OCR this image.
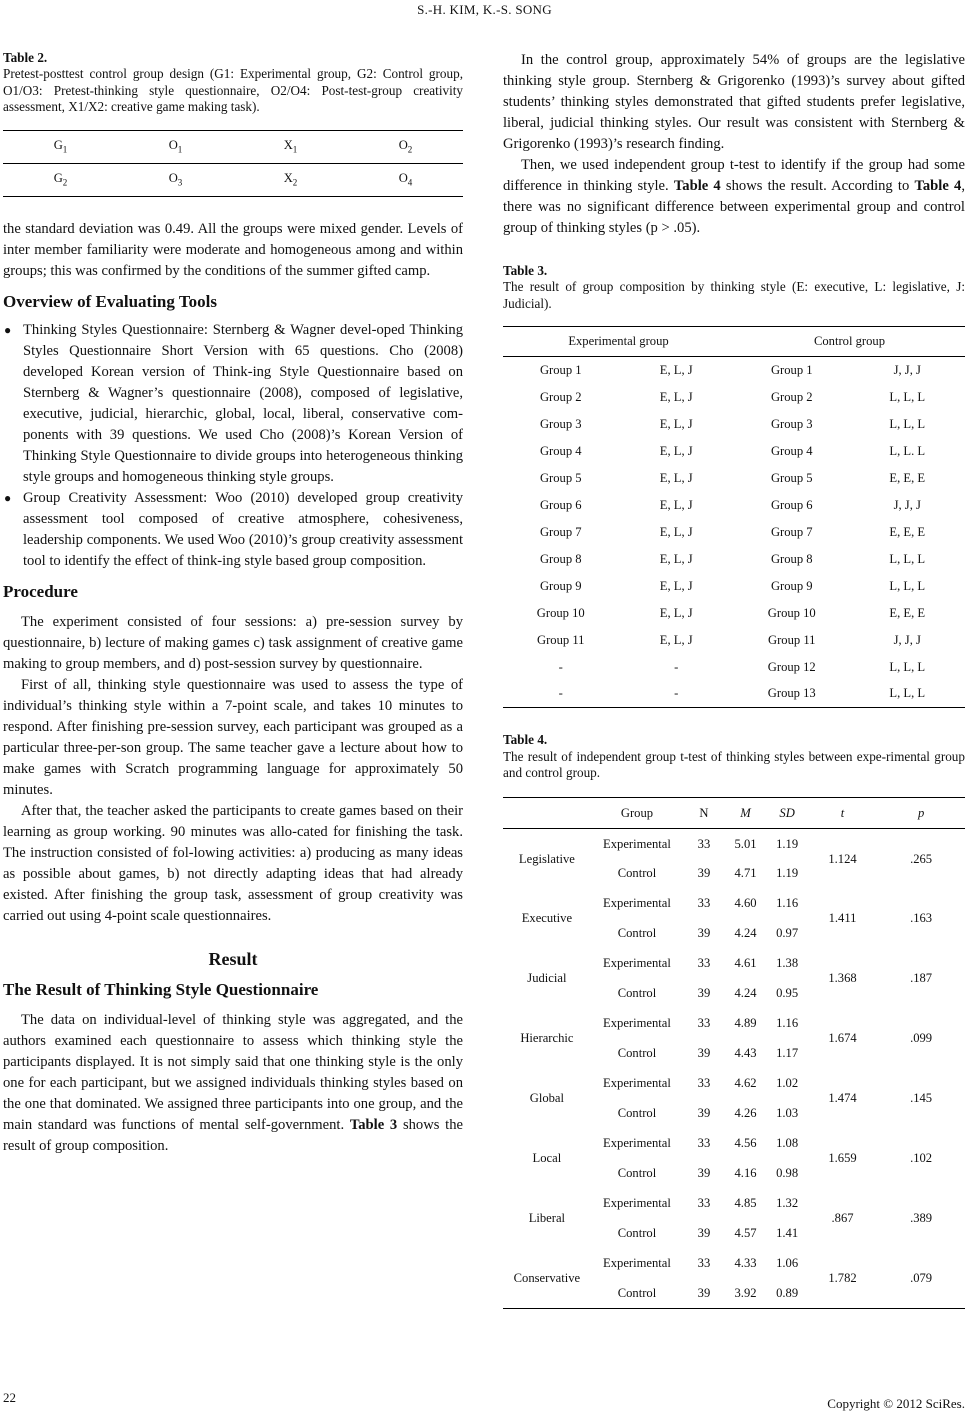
S.-H. KIM, K.-S. SONG
Table 2.
Pretest-posttest control group design (G1: Experimental group, G2: Control group, O1/O3: Pretest-thinking style questionnaire, O2/O4: Post-test-group creativity assessment, X1/X2: creative game making task).
$G_1$	$O_1$	$X_1$	$O_2$
$G_2$	$O_3$	$X_2$	$O_4$

the standard deviation was 0.49. All the groups were mixed gender. Levels of inter member familiarity were moderate and homogeneous among and within groups; this was confirmed by the conditions of the summer gifted camp.

Overview of Evaluating Tools
● Thinking Styles Questionnaire: Sternberg & Wagner devel-oped Thinking Styles Questionnaire Short Version with 65 questions. Cho (2008) developed Korean version of Think-ing Style Questionnaire based on Sternberg & Wagner’s questionnaire (2008), composed of legislative, executive, judicial, hierarchic, global, local, liberal, conservative com-ponents with 39 questions. We used Cho (2008)’s Korean Version of Thinking Style Questionnaire to divide groups into heterogeneous thinking style groups and homogeneous thinking style groups.
● Group Creativity Assessment: Woo (2010) developed group creativity assessment tool composed of creative atmosphere, cohesiveness, leadership components. We used Woo (2010)’s group creativity assessment tool to identify the effect of think-ing style based group composition.
Procedure

The experiment consisted of four sessions: a) pre-session survey by questionnaire, b) lecture of making games c) task assignment of creative game making to group members, and d) post-session survey by questionnaire.

First of all, thinking style questionnaire was used to assess the type of individual’s thinking style within a 7-point scale, and takes 10 minutes to respond. After finishing pre-session survey, each participant was grouped as a particular three-per-son group. The same teacher gave a lecture about how to make games with Scratch programming language for approximately 50 minutes.

After that, the teacher asked the participants to create games based on their learning as group working. 90 minutes was allo-cated for finishing the task. The instruction consisted of fol-lowing activities: a) producing as many ideas as possible about games, b) not directly adapting ideas that had already existed. After finishing the group task, assessment of group creativity was carried out using 4-point scale questionnaires.

Result
The Result of Thinking Style Questionnaire

The data on individual-level of thinking style was aggregated, and the authors examined each questionnaire to assess which thinking style the participants displayed. It is not simply said that one thinking style is the only one for each participant, but we assigned individuals thinking styles based on the one that dominated. We assigned three participants into one group, and the main standard was functions of mental self-government. Table 3 shows the result of group composition.

In the control group, approximately 54% of groups are the legislative thinking style group. Sternberg & Grigorenko (1993)’s survey about gifted students’ thinking styles demonstrated that gifted students prefer legislative, liberal, judicial thinking styles. Our result was consistent with Sternberg & Grigorenko (1993)’s research finding.

Then, we used independent group t-test to identify if the group had some difference in thinking style. Table 4 shows the result. According to Table 4, there was no significant difference between experimental group and control group of thinking styles (p > .05).

Table 3.
The result of group composition by thinking style (E: executive, L: legislative, J: Judicial).
Experimental group		Control group	
Group 1	E, L, J	Group 1	J, J, J
Group 2	E, L, J	Group 2	L, L, L
Group 3	E, L, J	Group 3	L, L, L
Group 4	E, L, J	Group 4	L, L. L
Group 5	E, L, J	Group 5	E, E, E
Group 6	E, L, J	Group 6	J, J, J
Group 7	E, L, J	Group 7	E, E, E
Group 8	E, L, J	Group 8	L, L, L
Group 9	E, L, J	Group 9	L, L, L
Group 10	E, L, J	Group 10	E, E, E
Group 11	E, L, J	Group 11	J, J, J
-	-	Group 12	L, L, L
-	-	Group 13	L, L, L
Table 4.
The result of independent group t-test of thinking styles between expe-rimental group and control group.
	Group	N	M	SD	t	p
Legislative	Experimental	33	5.01	1.19	1.124	.265
	Control	39	4.71	1.19		
Executive	Experimental	33	4.60	1.16	1.411	.163
	Control	39	4.24	0.97		
Judicial	Experimental	33	4.61	1.38	1.368	.187
	Control	39	4.24	0.95		
Hierarchic	Experimental	33	4.89	1.16	1.674	.099
	Control	39	4.43	1.17		
Global	Experimental	33	4.62	1.02	1.474	.145
	Control	39	4.26	1.03		
Local	Experimental	33	4.56	1.08	1.659	.102
	Control	39	4.16	0.98		
Liberal	Experimental	33	4.85	1.32	.867	.389
	Control	39	4.57	1.41		
Conservative	Experimental	33	4.33	1.06	1.782	.079
	Control	39	3.92	0.89		
22	Copyright © 2012 SciRes.
